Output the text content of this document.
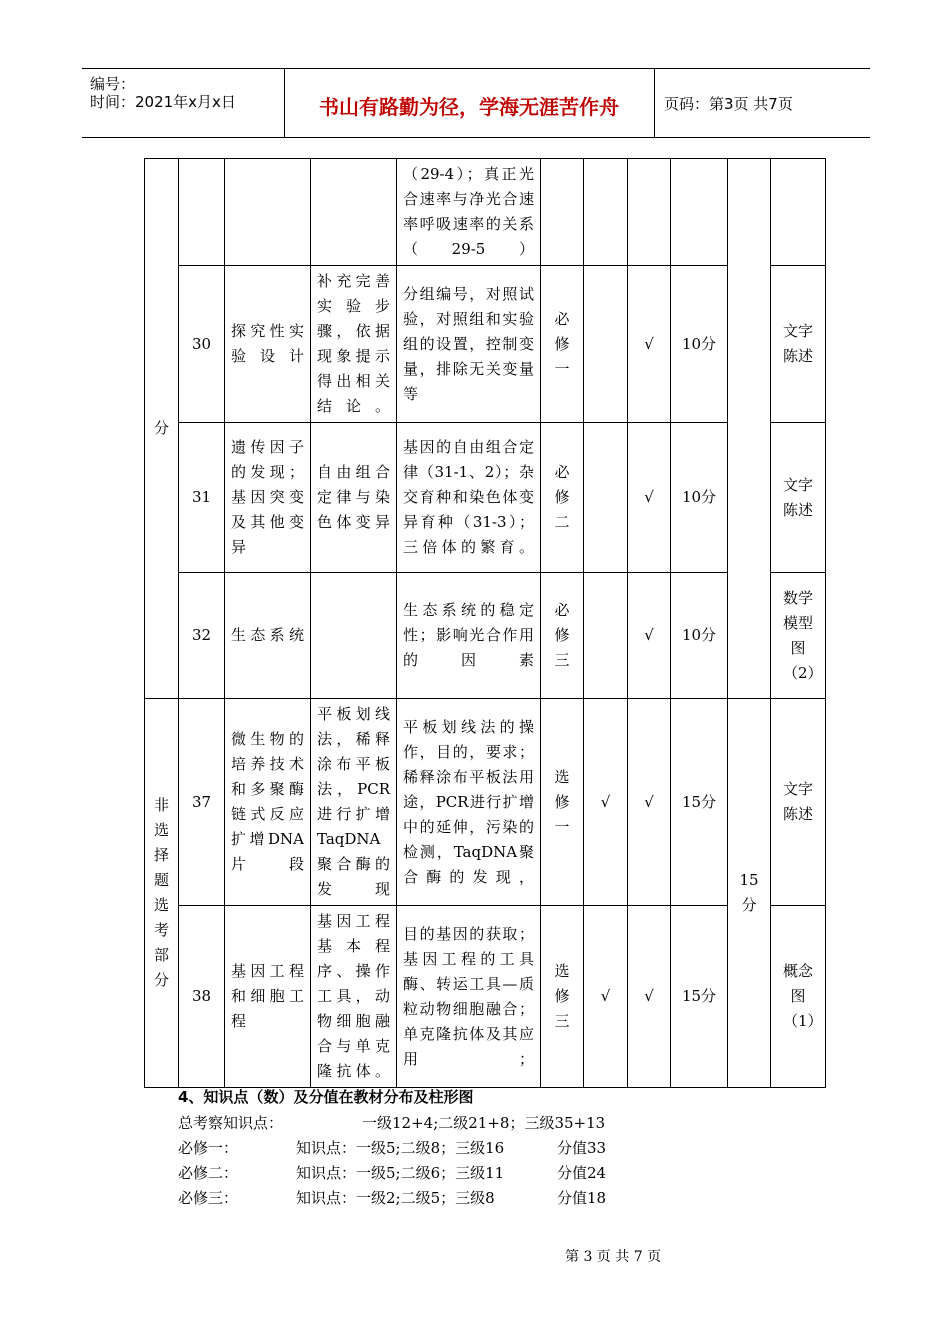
编号：
时间：2021年x月x日	书山有路勤为径，学海无涯苦作舟	页码：第3页 共7页
分				（29-4）；真正光合速率与净光合速率呼吸速率的关系（29-5）						
	30	探究性实验设计	补充完善实验步骤，依据现象提示得出相关结论。	分组编号，对照试验，对照组和实验组的设置，控制变量，排除无关变量等	必修一		√	10分		文字陈述

	31	遗传因子的发现；基因突变及其他变异	自由组合定律与染色体变异	基因的自由组合定律（31-1、2）；杂交育种和染色体变异育种（31-3）；三倍体的繁育。	必修二		√	10分		文字陈述

	32	生态系统		生态系统的稳定性；影响光合作用的因素	必修三		√	10分		数学模型图（2）

非选择题选考部分	37	微生物的培养技术和多聚酶链式反应扩增DNA片段	平板划线法，稀释涂布平板法，PCR进行扩增TaqDNA聚合酶的发现	平板划线法的操作，目的，要求；稀释涂布平板法用途，PCR进行扩增中的延伸，污染的检测，TaqDNA聚合酶的发现，	选修一	√	√	15分	15分	文字陈述

	38	基因工程和细胞工程	基因工程基本程序、操作工具，动物细胞融合与单克隆抗体。	目的基因的获取；基因工程的工具酶、转运工具—质粒动物细胞融合；单克隆抗体及其应用；	选修三	√	√	15分		概念图（1）
4、知识点（数）及分值在教材分布及柱形图
总考察知识点：	一级12+4;二级21+8；三级35+13
必修一：	知识点：一级5;二级8；三级16	分值33
必修二：	知识点：一级5;二级6；三级11	分值24
必修三：	知识点：一级2;二级5；三级8	分值18
第 3 页 共 7 页
